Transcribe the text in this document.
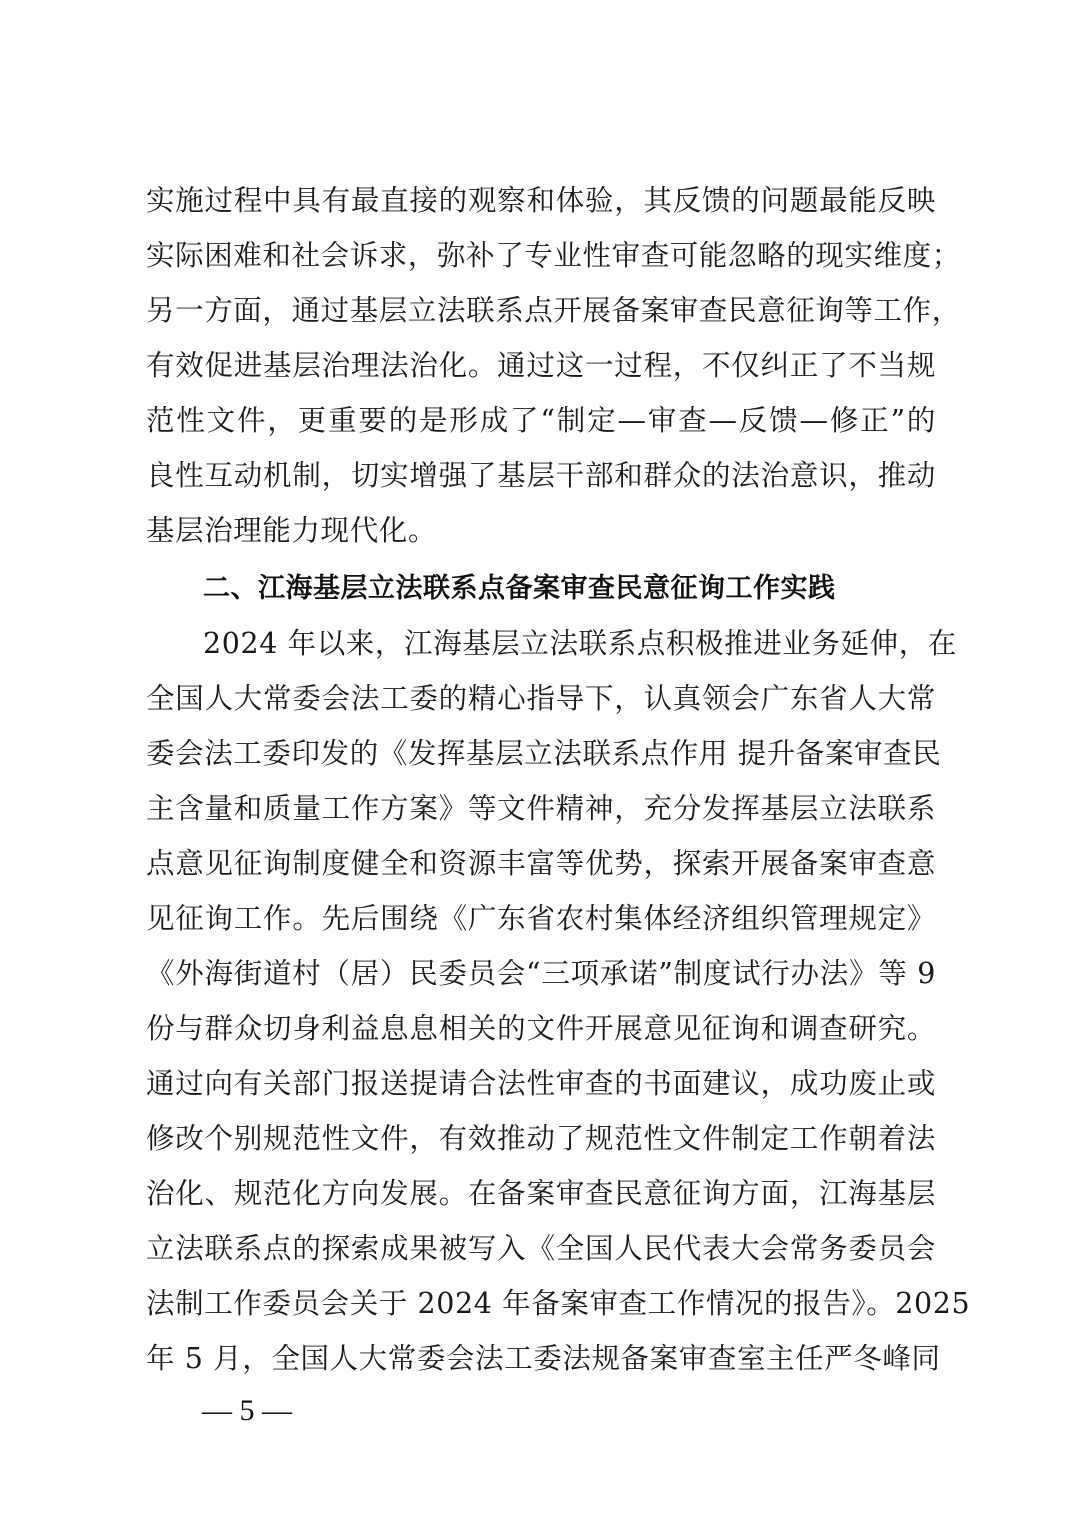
实施过程中具有最直接的观察和体验，其反馈的问题最能反映
实际困难和社会诉求，弥补了专业性审查可能忽略的现实维度；
另一方面，通过基层立法联系点开展备案审查民意征询等工作，
有效促进基层治理法治化。通过这一过程，不仅纠正了不当规
范性文件，更重要的是形成了“制定—审查—反馈—修正”的
良性互动机制，切实增强了基层干部和群众的法治意识，推动
基层治理能力现代化。
二、江海基层立法联系点备案审查民意征询工作实践
2024 年以来，江海基层立法联系点积极推进业务延伸，在
全国人大常委会法工委的精心指导下，认真领会广东省人大常
委会法工委印发的《发挥基层立法联系点作用 提升备案审查民
主含量和质量工作方案》等文件精神，充分发挥基层立法联系
点意见征询制度健全和资源丰富等优势，探索开展备案审查意
见征询工作。先后围绕《广东省农村集体经济组织管理规定》
《外海街道村（居）民委员会“三项承诺”制度试行办法》等 9
份与群众切身利益息息相关的文件开展意见征询和调查研究。
通过向有关部门报送提请合法性审查的书面建议，成功废止或
修改个别规范性文件，有效推动了规范性文件制定工作朝着法
治化、规范化方向发展。在备案审查民意征询方面，江海基层
立法联系点的探索成果被写入《全国人民代表大会常务委员会
法制工作委员会关于 2024 年备案审查工作情况的报告》。2025
年 5 月，全国人大常委会法工委法规备案审查室主任严冬峰同
— 5 —
